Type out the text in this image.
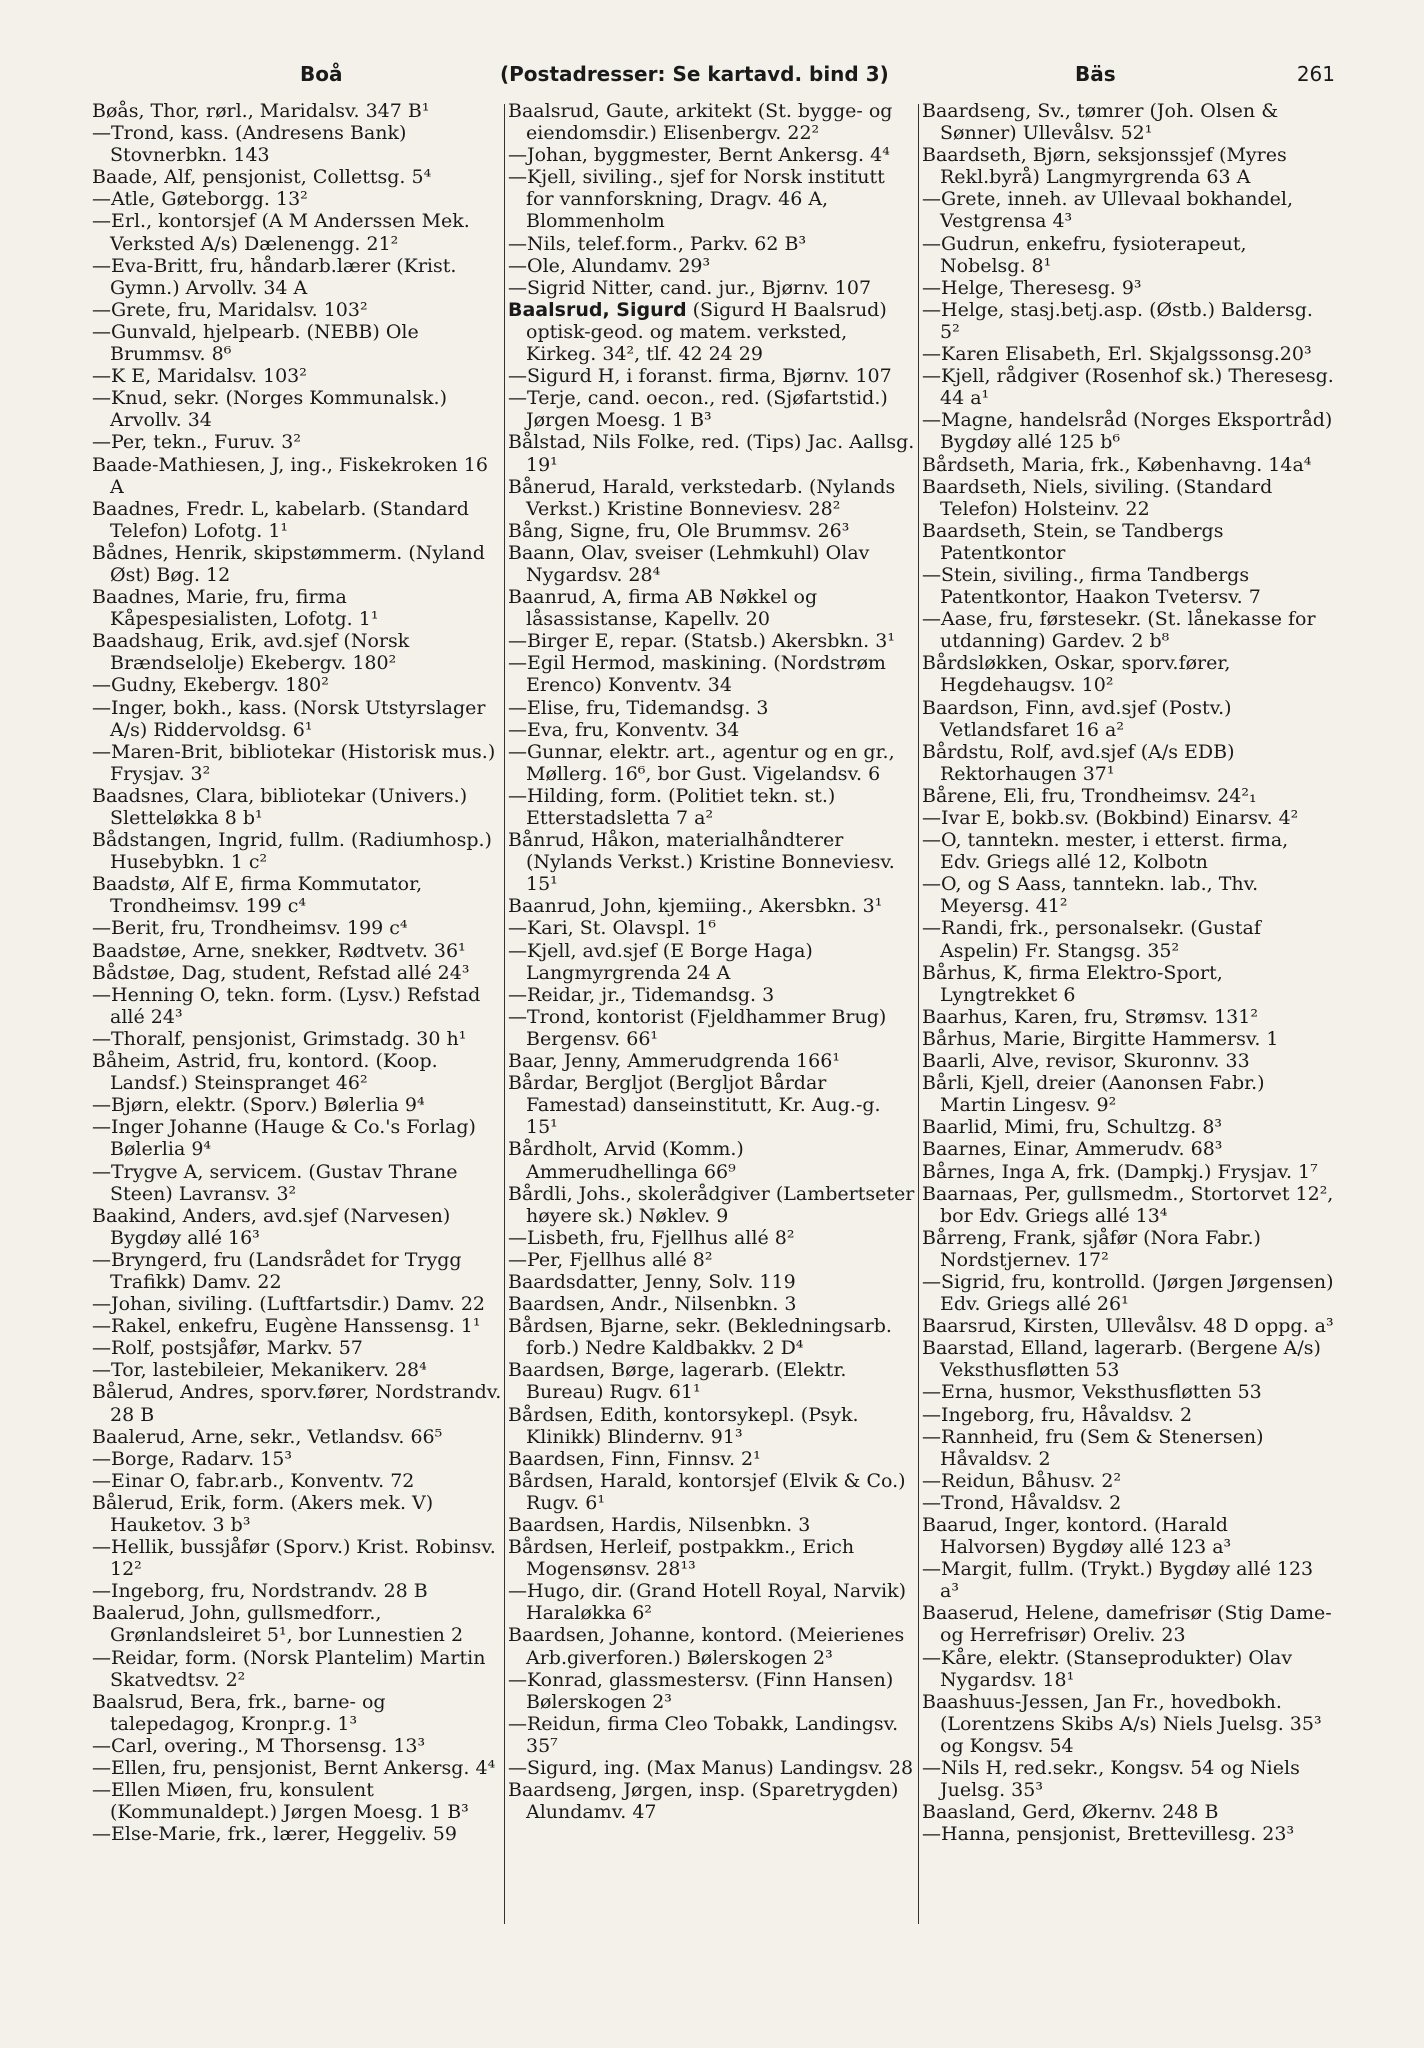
Boå	(Postadresser: Se kartavd. bind 3)	Bäs	261
Bøås, Thor, rørl., Maridalsv. 347 B¹
—Trond, kass. (Andresens Bank) Stovnerbkn. 143
Baade, Alf, pensjonist, Collettsg. 5⁴
—Atle, Gøteborgg. 13²
—Erl., kontorsjef (A M Anderssen Mek. Verksted A/s) Dælenengg. 21²
—Eva-Britt, fru, håndarb.lærer (Krist. Gymn.) Arvollv. 34 A
—Grete, fru, Maridalsv. 103²
—Gunvald, hjelpearb. (NEBB) Ole Brummsv. 8⁶
—K E, Maridalsv. 103²
—Knud, sekr. (Norges Kommunalsk.) Arvollv. 34
—Per, tekn., Furuv. 3²
Baade-Mathiesen, J, ing., Fiskekroken 16 A
Baadnes, Fredr. L, kabelarb. (Standard Telefon) Lofotg. 1¹
Bådnes, Henrik, skipstømmerm. (Nyland Øst) Bøg. 12
Baadnes, Marie, fru, firma Kåpespesialisten, Lofotg. 1¹
Baadshaug, Erik, avd.sjef (Norsk Brændselolje) Ekebergv. 180²
—Gudny, Ekebergv. 180²
—Inger, bokh., kass. (Norsk Utstyrslager A/s) Riddervoldsg. 6¹
—Maren-Brit, bibliotekar (Historisk mus.) Frysjav. 3²
Baadsnes, Clara, bibliotekar (Univers.) Sletteløkka 8 b¹
Bådstangen, Ingrid, fullm. (Radiumhosp.) Husebybkn. 1 c²
Baadstø, Alf E, firma Kommutator, Trondheimsv. 199 c⁴
—Berit, fru, Trondheimsv. 199 c⁴
Baadstøe, Arne, snekker, Rødtvetv. 36¹
Bådstøe, Dag, student, Refstad allé 24³
—Henning O, tekn. form. (Lysv.) Refstad allé 24³
—Thoralf, pensjonist, Grimstadg. 30 h¹
Båheim, Astrid, fru, kontord. (Koop. Landsf.) Steinspranget 46²
—Bjørn, elektr. (Sporv.) Bølerlia 9⁴
—Inger Johanne (Hauge & Co.'s Forlag) Bølerlia 9⁴
—Trygve A, servicem. (Gustav Thrane Steen) Lavransv. 3²
Baakind, Anders, avd.sjef (Narvesen) Bygdøy allé 16³
—Bryngerd, fru (Landsrådet for Trygg Trafikk) Damv. 22
—Johan, siviling. (Luftfartsdir.) Damv. 22
—Rakel, enkefru, Eugène Hanssensg. 1¹
—Rolf, postsjåfør, Markv. 57
—Tor, lastebileier, Mekanikerv. 28⁴
Bålerud, Andres, sporv.fører, Nordstrandv. 28 B
Baalerud, Arne, sekr., Vetlandsv. 66⁵
—Borge, Radarv. 15³
—Einar O, fabr.arb., Konventv. 72
Bålerud, Erik, form. (Akers mek. V) Hauketov. 3 b³
—Hellik, bussjåfør (Sporv.) Krist. Robinsv. 12²
—Ingeborg, fru, Nordstrandv. 28 B
Baalerud, John, gullsmedforr., Grønlandsleiret 5¹, bor Lunnestien 2
—Reidar, form. (Norsk Plantelim) Martin Skatvedtsv. 2²
Baalsrud, Bera, frk., barne- og talepedagog, Kronpr.g. 1³
—Carl, overing., M Thorsensg. 13³
—Ellen, fru, pensjonist, Bernt Ankersg. 4⁴
—Ellen Miøen, fru, konsulent (Kommunaldept.) Jørgen Moesg. 1 B³
—Else-Marie, frk., lærer, Heggeliv. 59
Baalsrud, Gaute, arkitekt (St. bygge- og eiendomsdir.) Elisenbergv. 22²
—Johan, byggmester, Bernt Ankersg. 4⁴
—Kjell, siviling., sjef for Norsk institutt for vannforskning, Dragv. 46 A, Blommenholm
—Nils, telef.form., Parkv. 62 B³
—Ole, Alundamv. 29³
—Sigrid Nitter, cand. jur., Bjørnv. 107
Baalsrud, Sigurd (Sigurd H Baalsrud) optisk-geod. og matem. verksted, Kirkeg. 34², tlf. 42 24 29
—Sigurd H, i foranst. firma, Bjørnv. 107
—Terje, cand. oecon., red. (Sjøfartstid.) Jørgen Moesg. 1 B³
Bålstad, Nils Folke, red. (Tips) Jac. Aallsg. 19¹
Bånerud, Harald, verkstedarb. (Nylands Verkst.) Kristine Bonneviesv. 28²
Bång, Signe, fru, Ole Brummsv. 26³
Baann, Olav, sveiser (Lehmkuhl) Olav Nygardsv. 28⁴
Baanrud, A, firma AB Nøkkel og låsassistanse, Kapellv. 20
—Birger E, repar. (Statsb.) Akersbkn. 3¹
—Egil Hermod, maskining. (Nordstrøm Erenco) Konventv. 34
—Elise, fru, Tidemandsg. 3
—Eva, fru, Konventv. 34
—Gunnar, elektr. art., agentur og en gr., Møllerg. 16⁶, bor Gust. Vigelandsv. 6
—Hilding, form. (Politiet tekn. st.) Etterstadsletta 7 a²
Bånrud, Håkon, materialhåndterer (Nylands Verkst.) Kristine Bonneviesv. 15¹
Baanrud, John, kjemiing., Akersbkn. 3¹
—Kari, St. Olavspl. 1⁶
—Kjell, avd.sjef (E Borge Haga) Langmyrgrenda 24 A
—Reidar, jr., Tidemandsg. 3
—Trond, kontorist (Fjeldhammer Brug) Bergensv. 66¹
Baar, Jenny, Ammerudgrenda 166¹
Bårdar, Bergljot (Bergljot Bårdar Famestad) danseinstitutt, Kr. Aug.-g. 15¹
Bårdholt, Arvid (Komm.) Ammerudhellinga 66⁹
Bårdli, Johs., skolerådgiver (Lambertseter høyere sk.) Nøklev. 9
—Lisbeth, fru, Fjellhus allé 8²
—Per, Fjellhus allé 8²
Baardsdatter, Jenny, Solv. 119
Baardsen, Andr., Nilsenbkn. 3
Bårdsen, Bjarne, sekr. (Bekledningsarb. forb.) Nedre Kaldbakkv. 2 D⁴
Baardsen, Børge, lagerarb. (Elektr. Bureau) Rugv. 61¹
Bårdsen, Edith, kontorsykepl. (Psyk. Klinikk) Blindernv. 91³
Baardsen, Finn, Finnsv. 2¹
Bårdsen, Harald, kontorsjef (Elvik & Co.) Rugv. 6¹
Baardsen, Hardis, Nilsenbkn. 3
Bårdsen, Herleif, postpakkm., Erich Mogensønsv. 28¹³
—Hugo, dir. (Grand Hotell Royal, Narvik) Haraløkka 6²
Baardsen, Johanne, kontord. (Meierienes Arb.giverforen.) Bølerskogen 2³
—Konrad, glassmestersv. (Finn Hansen) Bølerskogen 2³
—Reidun, firma Cleo Tobakk, Landingsv. 35⁷
—Sigurd, ing. (Max Manus) Landingsv. 28
Baardseng, Jørgen, insp. (Sparetrygden) Alundamv. 47
Baardseng, Sv., tømrer (Joh. Olsen & Sønner) Ullevålsv. 52¹
Baardseth, Bjørn, seksjonssjef (Myres Rekl.byrå) Langmyrgrenda 63 A
—Grete, inneh. av Ullevaal bokhandel, Vestgrensa 4³
—Gudrun, enkefru, fysioterapeut, Nobelsg. 8¹
—Helge, Theresesg. 9³
—Helge, stasj.betj.asp. (Østb.) Baldersg. 5²
—Karen Elisabeth, Erl. Skjalgssonsg.20³
—Kjell, rådgiver (Rosenhof sk.) Theresesg. 44 a¹
—Magne, handelsråd (Norges Eksportråd) Bygdøy allé 125 b⁶
Bårdseth, Maria, frk., Københavng. 14a⁴
Baardseth, Niels, siviling. (Standard Telefon) Holsteinv. 22
Baardseth, Stein, se Tandbergs Patentkontor
—Stein, siviling., firma Tandbergs Patentkontor, Haakon Tvetersv. 7
—Aase, fru, førstesekr. (St. lånekasse for utdanning) Gardev. 2 b⁸
Bårdsløkken, Oskar, sporv.fører, Hegdehaugsv. 10²
Baardson, Finn, avd.sjef (Postv.) Vetlandsfaret 16 a²
Bårdstu, Rolf, avd.sjef (A/s EDB) Rektorhaugen 37¹
Bårene, Eli, fru, Trondheimsv. 24²₁
—Ivar E, bokb.sv. (Bokbind) Einarsv. 4²
—O, tanntekn. mester, i etterst. firma, Edv. Griegs allé 12, Kolbotn
—O, og S Aass, tanntekn. lab., Thv. Meyersg. 41²
—Randi, frk., personalsekr. (Gustaf Aspelin) Fr. Stangsg. 35²
Bårhus, K, firma Elektro-Sport, Lyngtrekket 6
Baarhus, Karen, fru, Strømsv. 131²
Bårhus, Marie, Birgitte Hammersv. 1
Baarli, Alve, revisor, Skuronnv. 33
Bårli, Kjell, dreier (Aanonsen Fabr.) Martin Lingesv. 9²
Baarlid, Mimi, fru, Schultzg. 8³
Baarnes, Einar, Ammerudv. 68³
Bårnes, Inga A, frk. (Dampkj.) Frysjav. 1⁷
Baarnaas, Per, gullsmedm., Stortorvet 12², bor Edv. Griegs allé 13⁴
Bårreng, Frank, sjåfør (Nora Fabr.) Nordstjernev. 17²
—Sigrid, fru, kontrolld. (Jørgen Jørgensen) Edv. Griegs allé 26¹
Baarsrud, Kirsten, Ullevålsv. 48 D oppg. a³
Baarstad, Elland, lagerarb. (Bergene A/s) Veksthusfløtten 53
—Erna, husmor, Veksthusfløtten 53
—Ingeborg, fru, Håvaldsv. 2
—Rannheid, fru (Sem & Stenersen) Håvaldsv. 2
—Reidun, Båhusv. 2²
—Trond, Håvaldsv. 2
Baarud, Inger, kontord. (Harald Halvorsen) Bygdøy allé 123 a³
—Margit, fullm. (Trykt.) Bygdøy allé 123 a³
Baaserud, Helene, damefrisør (Stig Dame- og Herrefrisør) Oreliv. 23
—Kåre, elektr. (Stanseprodukter) Olav Nygardsv. 18¹
Baashuus-Jessen, Jan Fr., hovedbokh. (Lorentzens Skibs A/s) Niels Juelsg. 35³ og Kongsv. 54
—Nils H, red.sekr., Kongsv. 54 og Niels Juelsg. 35³
Baasland, Gerd, Økernv. 248 B
—Hanna, pensjonist, Brettevillesg. 23³
